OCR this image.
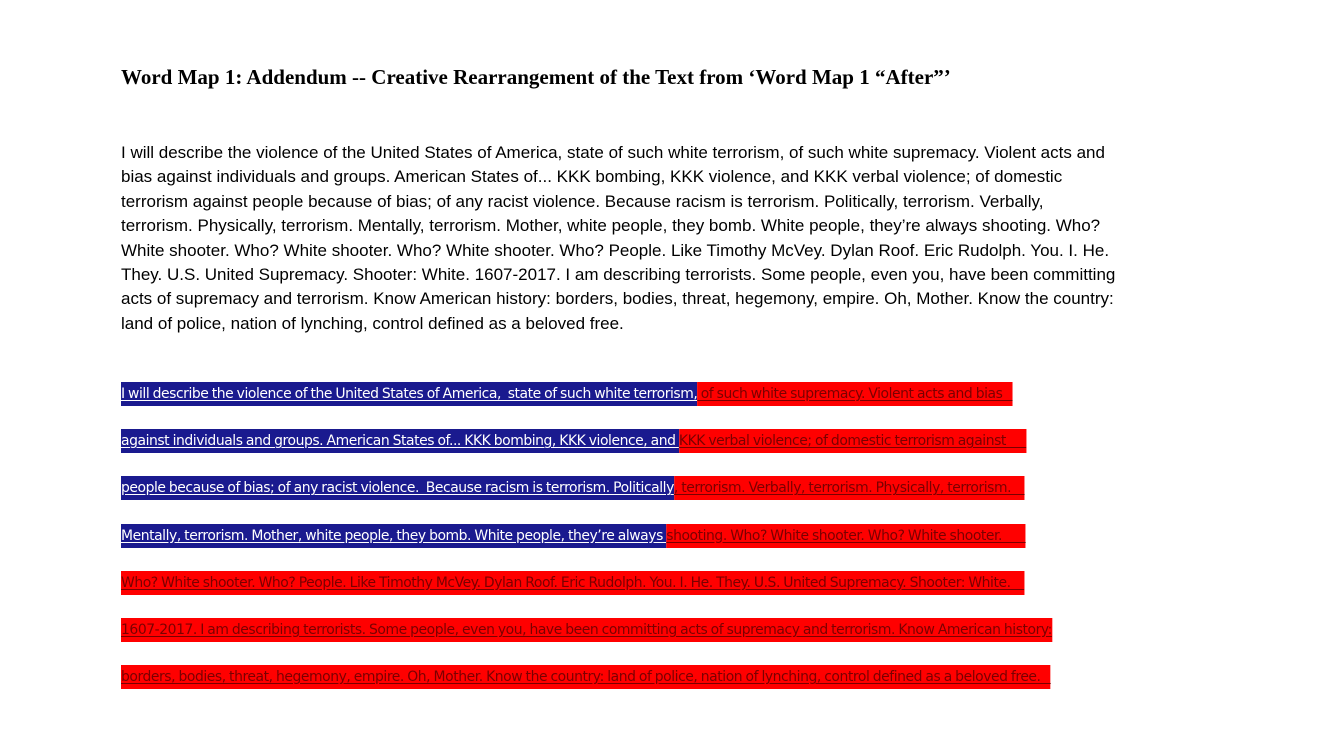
Word Map 1: Addendum -- Creative Rearrangement of the Text from ‘Word Map 1 “After”’

I will describe the violence of the United States of America, state of such white terrorism, of such white supremacy. Violent acts and
bias against individuals and groups. American States of... KKK bombing, KKK violence, and KKK verbal violence; of domestic
terrorism against people because of bias; of any racist violence. Because racism is terrorism. Politically, terrorism. Verbally,
terrorism. Physically, terrorism. Mentally, terrorism. Mother, white people, they bomb. White people, they’re always shooting. Who?
White shooter. Who? White shooter. Who? White shooter. Who? People. Like Timothy McVey. Dylan Roof. Eric Rudolph. You. I. He.
They. U.S. United Supremacy. Shooter: White. 1607-2017. I am describing terrorists. Some people, even you, have been committing
acts of supremacy and terrorism. Know American history: borders, bodies, threat, hegemony, empire. Oh, Mother. Know the country:
land of police, nation of lynching, control defined as a beloved free.

I will describe the violence of the United States of America,  state of such white terrorism, of such white supremacy. Violent acts and bias
against individuals and groups. American States of... KKK bombing, KKK violence, and KKK verbal violence; of domestic terrorism against
people because of bias; of any racist violence.  Because racism is terrorism. Politically, terrorism. Verbally, terrorism. Physically, terrorism.
Mentally, terrorism. Mother, white people, they bomb. White people, they’re always shooting. Who? White shooter. Who? White shooter.
Who? White shooter. Who? People. Like Timothy McVey. Dylan Roof. Eric Rudolph. You. I. He. They. U.S. United Supremacy. Shooter: White.
1607-2017. I am describing terrorists. Some people, even you, have been committing acts of supremacy and terrorism. Know American history:
borders, bodies, threat, hegemony, empire. Oh, Mother. Know the country: land of police, nation of lynching, control defined as a beloved free.
